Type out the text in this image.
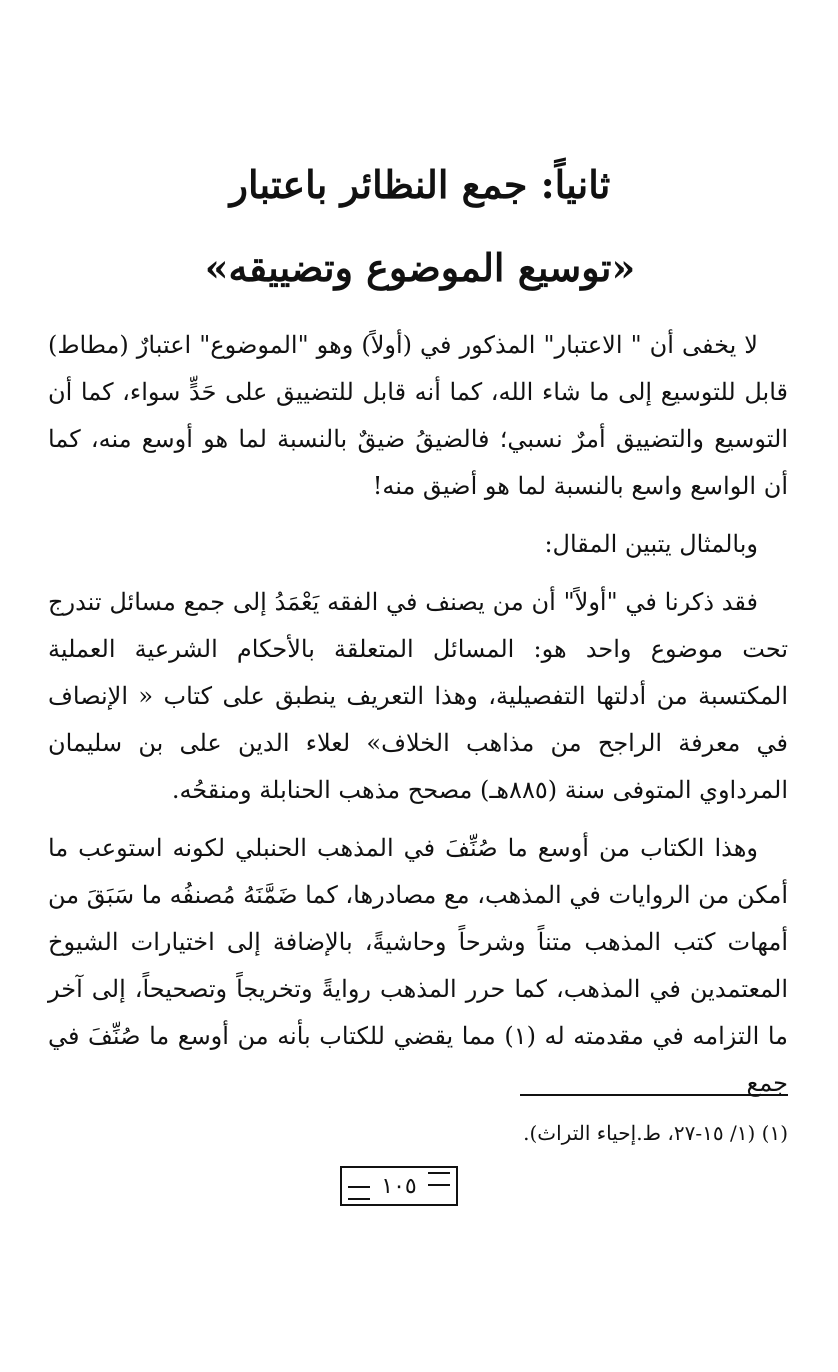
ثانياً: جمع النظائر باعتبار
«توسيع الموضوع وتضييقه»

لا يخفى أن " الاعتبار" المذكور في (أولاً) وهو "الموضوع" اعتبارٌ (مطاط) قابل للتوسيع إلى ما شاء الله، كما أنه قابل للتضييق على حَدٍّ سواء، كما أن التوسيع والتضييق أمرٌ نسبي؛ فالضيقُ ضيقٌ بالنسبة لما هو أوسع منه، كما أن الواسع واسع بالنسبة لما هو أضيق منه!

وبالمثال يتبين المقال:

فقد ذكرنا في "أولاً" أن من يصنف في الفقه يَعْمَدُ إلى جمع مسائل تندرج تحت موضوع واحد هو: المسائل المتعلقة بالأحكام الشرعية العملية المكتسبة من أدلتها التفصيلية، وهذا التعريف ينطبق على كتاب « الإنصاف في معرفة الراجح من مذاهب الخلاف» لعلاء الدين على بن سليمان المرداوي المتوفى سنة (٨٨٥هـ) مصحح مذهب الحنابلة ومنقحُه.

وهذا الكتاب من أوسع ما صُنِّفَ في المذهب الحنبلي لكونه استوعب ما أمكن من الروايات في المذهب، مع مصادرها، كما ضَمَّنَهُ مُصنفُه ما سَبَقَ من أمهات كتب المذهب متناً وشرحاً وحاشيةً، بالإضافة إلى اختيارات الشيوخ المعتمدين في المذهب، كما حرر المذهب روايةً وتخريجاً وتصحيحاً، إلى آخر ما التزامه في مقدمته له (١) مما يقضي للكتاب بأنه من أوسع ما صُنِّفَ في جمع

(١) (١/ ١٥-٢٧، ط.إحياء التراث).
١٠٥
